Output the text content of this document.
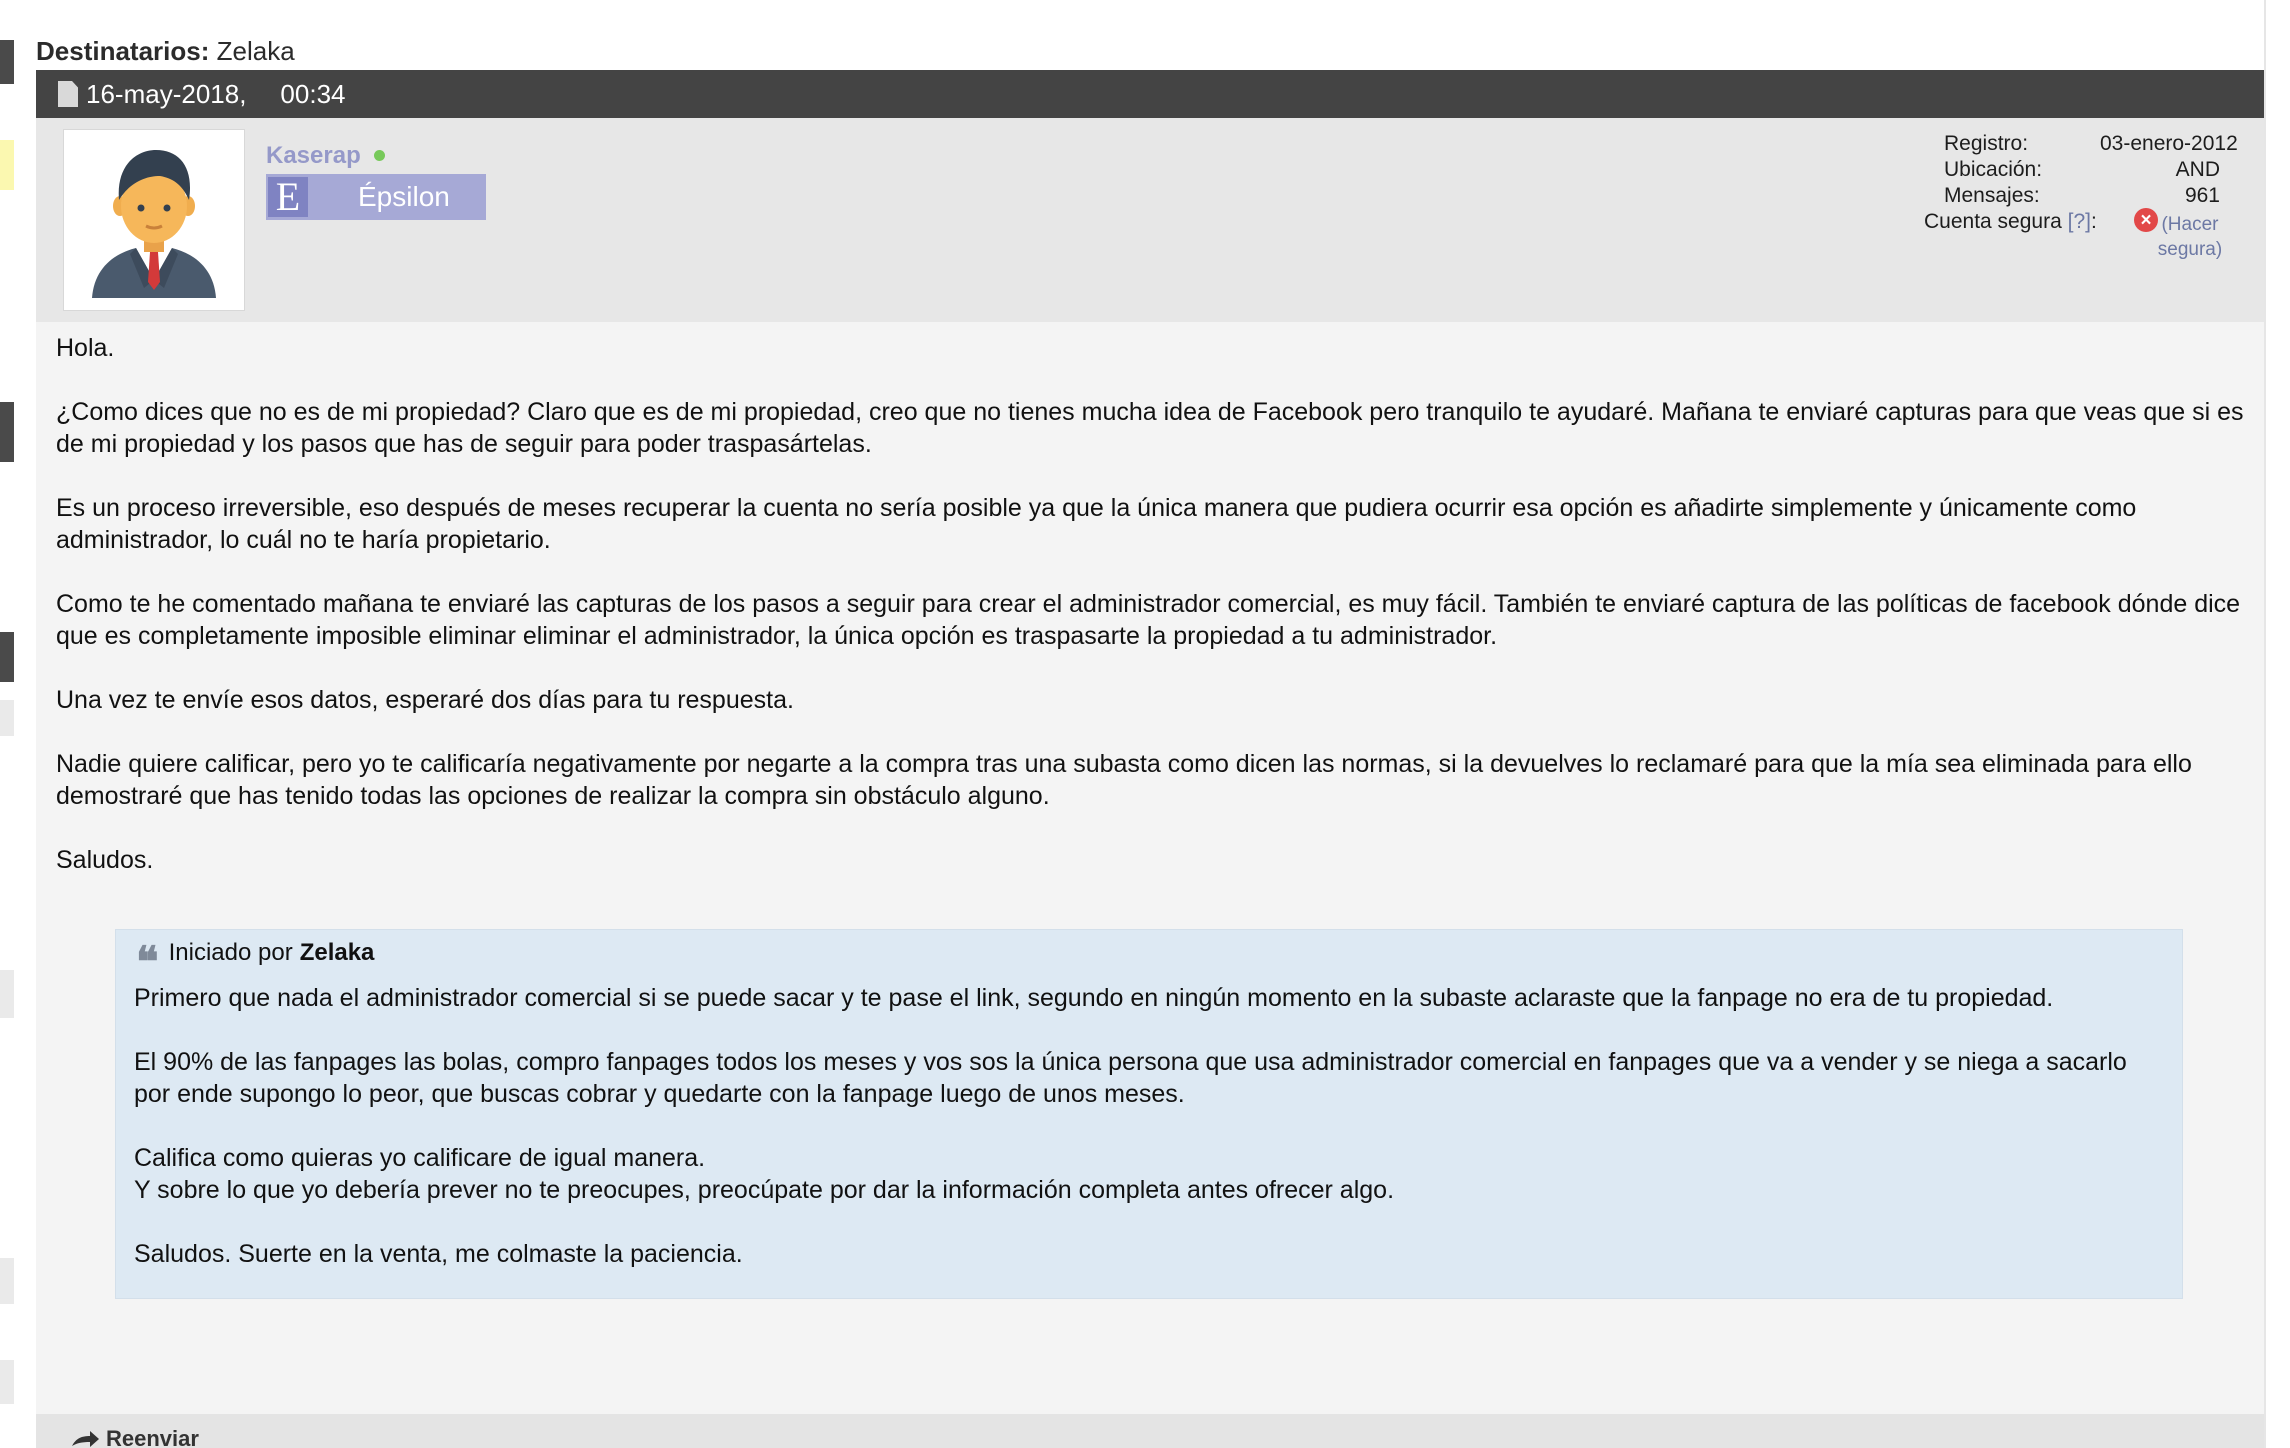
Destinatarios: Zelaka
16-may-2018, 00:34
Kaserap
E Épsilon
Registro:	03-enero-2012
Ubicación:	AND
Mensajes:	961
Cuenta segura [?]:	× (Hacer
segura)

Hola.

¿Como dices que no es de mi propiedad? Claro que es de mi propiedad, creo que no tienes mucha idea de Facebook pero tranquilo te ayudaré. Mañana te enviaré capturas para que veas que si es de mi propiedad y los pasos que has de seguir para poder traspasártelas.

Es un proceso irreversible, eso después de meses recuperar la cuenta no sería posible ya que la única manera que pudiera ocurrir esa opción es añadirte simplemente y únicamente como administrador, lo cuál no te haría propietario.

Como te he comentado mañana te enviaré las capturas de los pasos a seguir para crear el administrador comercial, es muy fácil. También te enviaré captura de las políticas de facebook dónde dice que es completamente imposible eliminar eliminar el administrador, la única opción es traspasarte la propiedad a tu administrador.

Una vez te envíe esos datos, esperaré dos días para tu respuesta.

Nadie quiere calificar, pero yo te calificaría negativamente por negarte a la compra tras una subasta como dicen las normas, si la devuelves lo reclamaré para que la mía sea eliminada para ello demostraré que has tenido todas las opciones de realizar la compra sin obstáculo alguno.

Saludos.

❝ Iniciado por Zelaka

Primero que nada el administrador comercial si se puede sacar y te pase el link, segundo en ningún momento en la subaste aclaraste que la fanpage no era de tu propiedad.

El 90% de las fanpages las bolas, compro fanpages todos los meses y vos sos la única persona que usa administrador comercial en fanpages que va a vender y se niega a sacarlo por ende supongo lo peor, que buscas cobrar y quedarte con la fanpage luego de unos meses.

Califica como quieras yo calificare de igual manera.
Y sobre lo que yo debería prever no te preocupes, preocúpate por dar la información completa antes ofrecer algo.

Saludos. Suerte en la venta, me colmaste la paciencia.

Reenviar
